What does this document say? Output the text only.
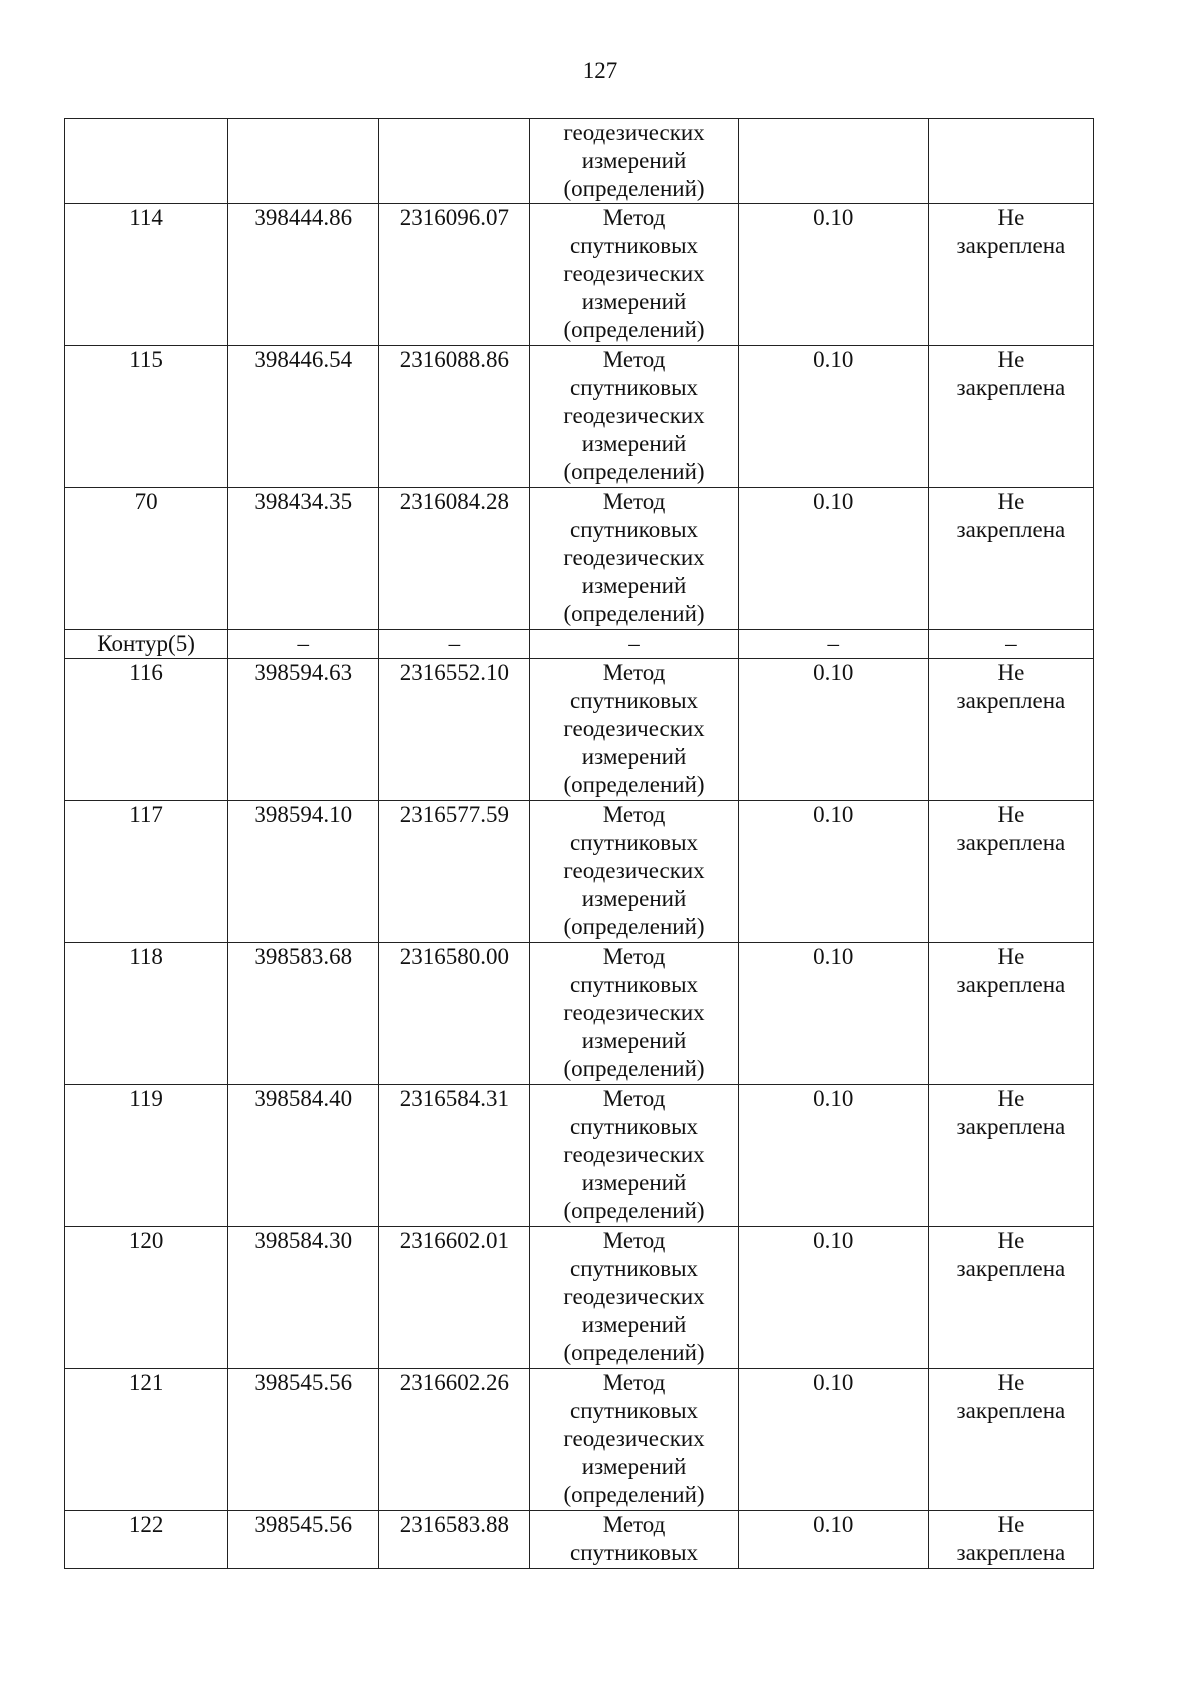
127

			геодезических
измерений
(определений)		

114	398444.86	2316096.07	Метод
спутниковых
геодезических
измерений
(определений)	0.10	Не
закреплена

115	398446.54	2316088.86	Метод
спутниковых
геодезических
измерений
(определений)	0.10	Не
закреплена

70	398434.35	2316084.28	Метод
спутниковых
геодезических
измерений
(определений)	0.10	Не
закреплена

Контур(5)	–	–	–	–	–
116	398594.63	2316552.10	Метод
спутниковых
геодезических
измерений
(определений)	0.10	Не
закреплена

117	398594.10	2316577.59	Метод
спутниковых
геодезических
измерений
(определений)	0.10	Не
закреплена

118	398583.68	2316580.00	Метод
спутниковых
геодезических
измерений
(определений)	0.10	Не
закреплена

119	398584.40	2316584.31	Метод
спутниковых
геодезических
измерений
(определений)	0.10	Не
закреплена

120	398584.30	2316602.01	Метод
спутниковых
геодезических
измерений
(определений)	0.10	Не
закреплена

121	398545.56	2316602.26	Метод
спутниковых
геодезических
измерений
(определений)	0.10	Не
закреплена

122	398545.56	2316583.88	Метод
спутниковых	0.10	Не
закреплена
